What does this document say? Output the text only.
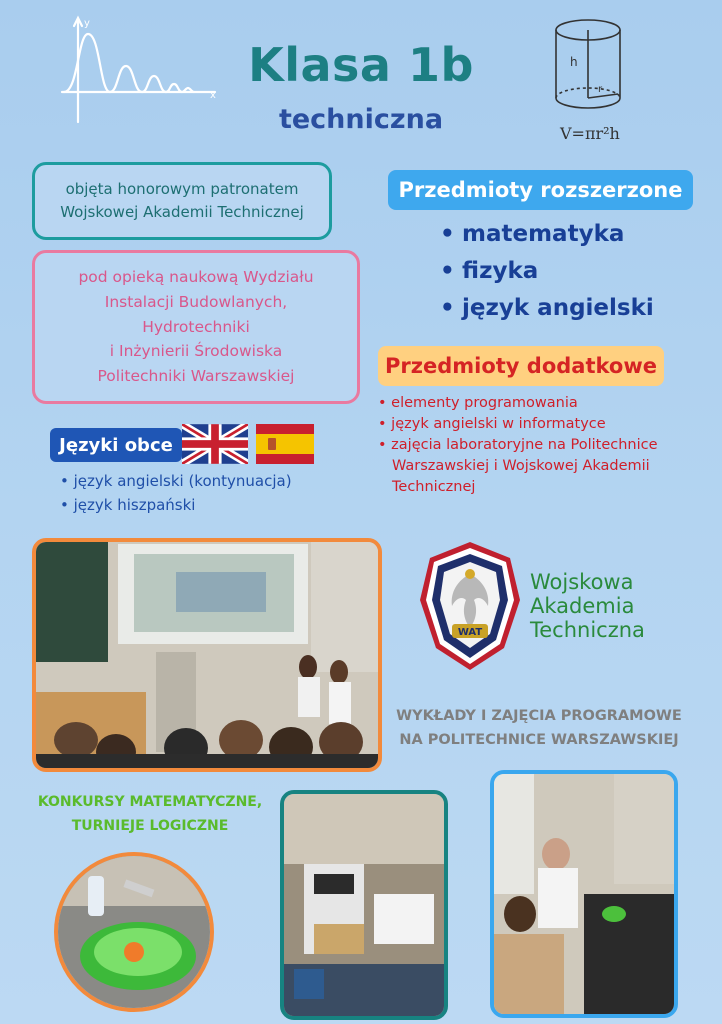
y
x
Klasa 1b
techniczna
h
r
V=πr²h
objęta honorowym patronatem
Wojskowej Akademii Technicznej
pod opieką naukową Wydziału
Instalacji Budowlanych,
Hydrotechniki
i Inżynierii Środowiska
Politechniki Warszawskiej
Przedmioty rozszerzone
• matematyka
• fizyka
• język angielski
Przedmioty dodatkowe
• elementy programowania
• język angielski w informatyce
• zajęcia laboratoryjne na Politechnice
Warszawskiej i Wojskowej Akademii
Technicznej
Języki obce
• język angielski (kontynuacja)
• język hiszpański
WAT
Wojskowa
Akademia
Techniczna
WYKŁADY I ZAJĘCIA PROGRAMOWE
NA POLITECHNICE WARSZAWSKIEJ
KONKURSY MATEMATYCZNE,
TURNIEJE LOGICZNE
